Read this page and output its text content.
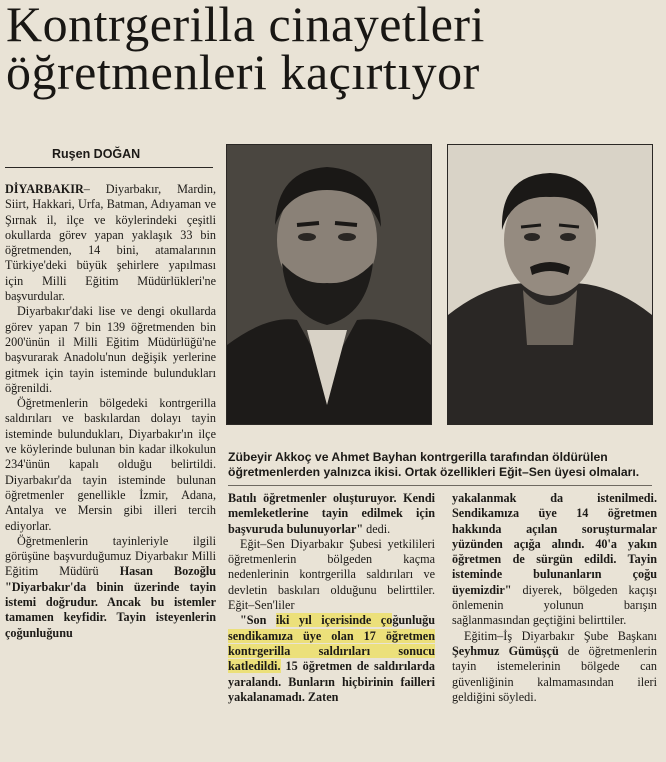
Kontrgerilla cinayetleri
öğretmenleri kaçırtıyor
Ruşen DOĞAN

DİYARBAKIR– Diyarbakır, Mardin, Siirt, Hakkari, Urfa, Batman, Adıyaman ve Şırnak il, ilçe ve köylerindeki çeşitli okullarda görev yapan yaklaşık 33 bin öğretmenden, 14 bini, atamalarının Türkiye'deki büyük şehirlere yapılması için Milli Eğitim Müdürlükleri'ne başvurdular.

Diyarbakır'daki lise ve dengi okullarda görev yapan 7 bin 139 öğretmenden bin 200'ünün il Milli Eğitim Müdürlüğü'ne başvurarak Anadolu'nun değişik yerlerine gitmek için tayin isteminde bulundukları öğrenildi.

Öğretmenlerin bölgedeki kontrgerilla saldırıları ve baskılardan dolayı tayin isteminde bulundukları, Diyarbakır'ın ilçe ve köylerinde bulunan bin kadar ilkokulun 234'ünün kapalı olduğu belirtildi. Diyarbakır'da tayin isteminde bulunan öğretmenler genellikle İzmir, Adana, Antalya ve Mersin gibi illeri tercih ediyorlar.

Öğretmenlerin tayinleriyle ilgili görüşüne başvurduğumuz Diyarbakır Milli Eğitim Müdürü Hasan Bozoğlu "Diyarbakır'da binin üzerinde tayin istemi doğrudur. Ancak bu istemler tamamen keyfidir. Tayin isteyenlerin çoğunluğunu

Zübeyir Akkoç ve Ahmet Bayhan kontrgerilla tarafından öldürülen öğretmenlerden yalnızca ikisi. Ortak özellikleri Eğit–Sen üyesi olmaları.

Batılı öğretmenler oluşturuyor. Kendi memleketlerine tayin edilmek için başvuruda bulunuyorlar" dedi.

Eğit–Sen Diyarbakır Şubesi yetkilileri öğretmenlerin bölgeden kaçma nedenlerinin kontrgerilla saldırıları ve devletin baskıları olduğunu belirttiler. Eğit–Sen'liler

"Son iki yıl içerisinde çoğunluğu sendikamıza üye olan 17 öğretmen kontrgerilla saldırıları sonucu katledildi. 15 öğretmen de saldırılarda yaralandı. Bunların hiçbirinin failleri yakalanamadı. Zaten

yakalanmak da istenilmedi. Sendikamıza üye 14 öğretmen hakkında açılan soruşturmalar yüzünden açığa alındı. 40'a yakın öğretmen de sürgün edildi. Tayin isteminde bulunanların çoğu üyemizdir" diyerek, bölgeden kaçışı önlemenin yolunun barışın sağlanmasından geçtiğini belirttiler.

Eğitim–İş Diyarbakır Şube Başkanı Şeyhmuz Gümüşçü de öğretmenlerin tayin istemelerinin bölgede can güvenliğinin kalmamasından ileri geldiğini söyledi.
